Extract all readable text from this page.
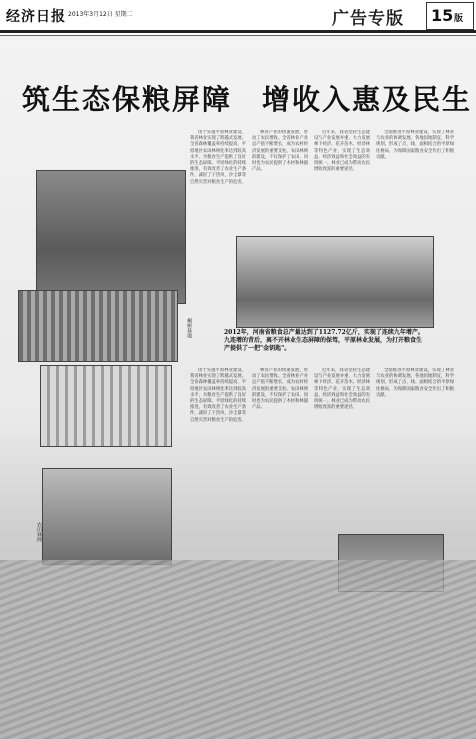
经济日报 2013年3月12日 星期二	广告专版 15 版
筑生态保粮屏障　增收入惠及民生
桐树基地
农田林网

由于实施平原林业建设，我省林业实现了跨越式发展。全省森林覆盖率持续提高，平原地区农田林网化率达到较高水平，为粮食生产提供了良好的生态屏障。平原绿化的持续推进，有效改善了农业生产条件，减轻了干热风、沙尘暴等自然灾害对粮食生产的危害。

林业产业的快速发展，带动了农民增收。全省林业产业总产值不断增长，成为农村经济发展的重要支柱。农田林网的建设，不仅保护了农田，同时也为农民提供了木材和林副产品。

近年来，我省坚持生态建设与产业发展并重，大力发展林下经济、花卉苗木、经济林等特色产业，实现了生态效益、经济效益和社会效益的有机统一。林业已成为带动农民增收致富的重要途径。

全面推进平原林业建设，实现了林业与农业的协调发展。各地因地制宜，科学规划，形成了点、线、面相结合的平原绿化格局，为保障国家粮食安全作出了积极贡献。

由于实施平原林业建设，我省林业实现了跨越式发展。全省森林覆盖率持续提高，平原地区农田林网化率达到较高水平，为粮食生产提供了良好的生态屏障。平原绿化的持续推进，有效改善了农业生产条件，减轻了干热风、沙尘暴等自然灾害对粮食生产的危害。

林业产业的快速发展，带动了农民增收。全省林业产业总产值不断增长，成为农村经济发展的重要支柱。农田林网的建设，不仅保护了农田，同时也为农民提供了木材和林副产品。

近年来，我省坚持生态建设与产业发展并重，大力发展林下经济、花卉苗木、经济林等特色产业，实现了生态效益、经济效益和社会效益的有机统一。林业已成为带动农民增收致富的重要途径。

全面推进平原林业建设，实现了林业与农业的协调发展。各地因地制宜，科学规划，形成了点、线、面相结合的平原绿化格局，为保障国家粮食安全作出了积极贡献。

2012年，河南省粮食总产量达到了1127.72亿斤，实现了连续九年增产。
九连增的背后，离不开林业生态屏障的保驾，平原林业发展，为打开粮食生产提供了一把"金钥匙"。
